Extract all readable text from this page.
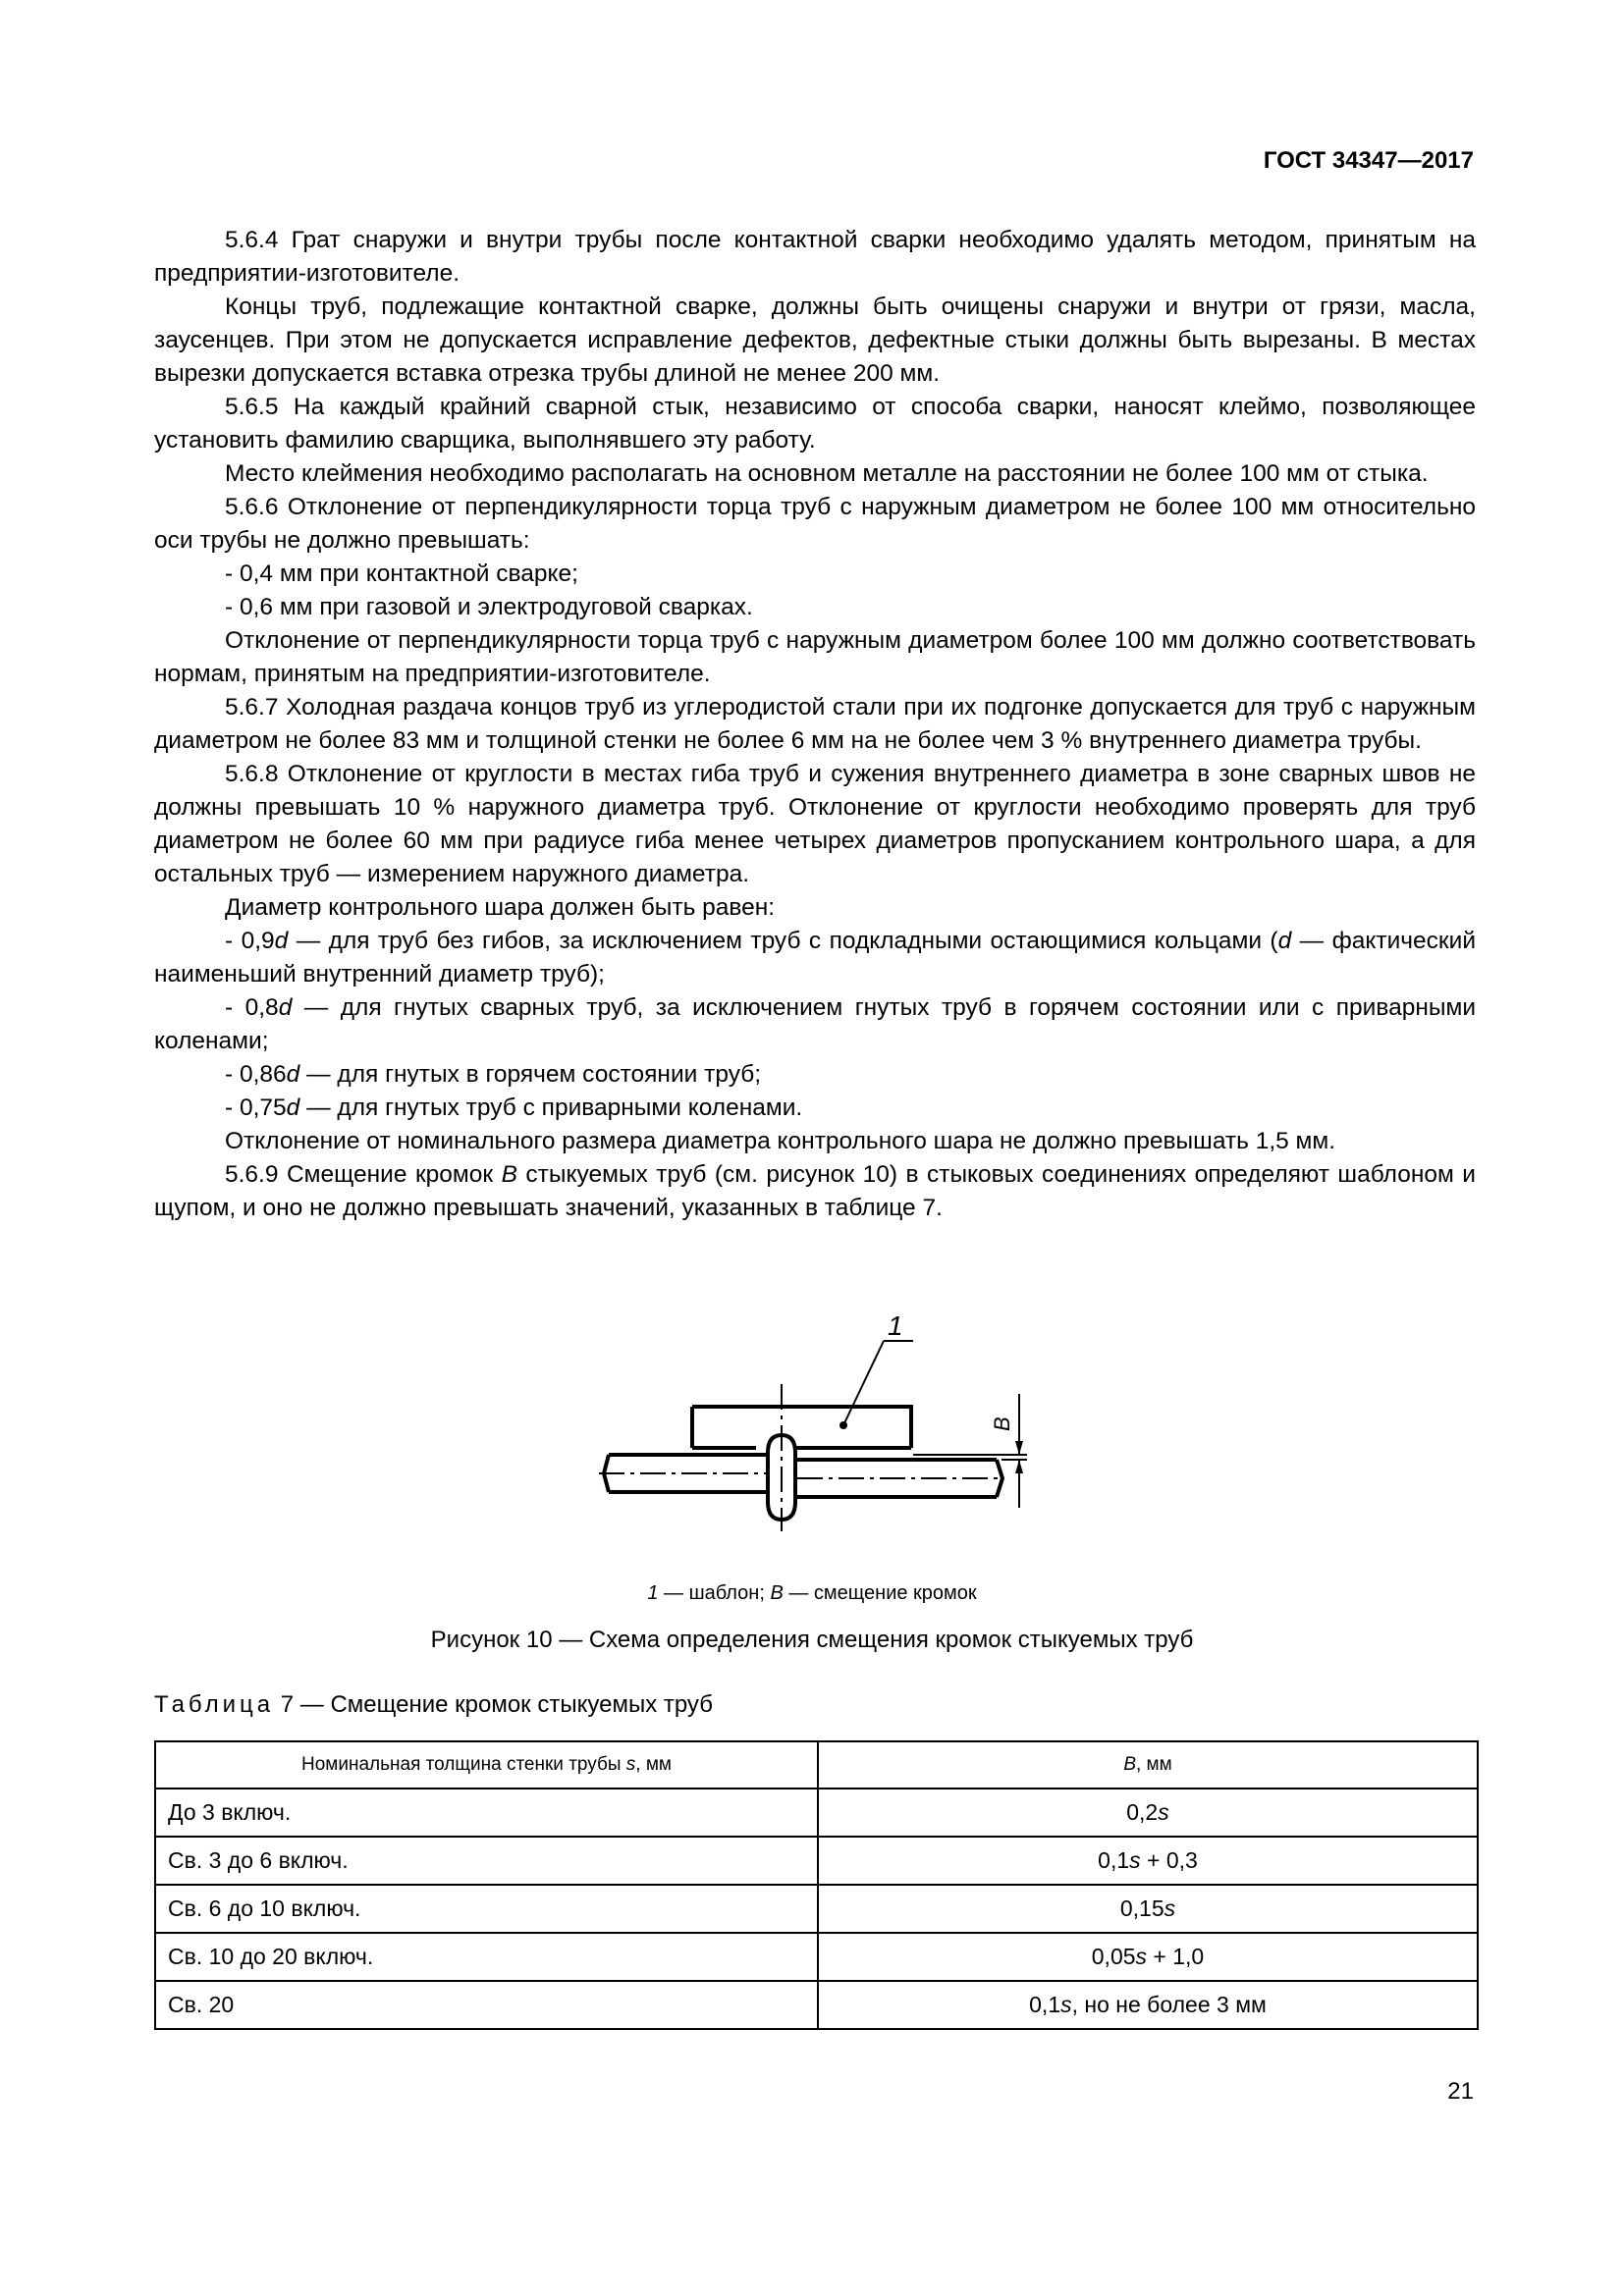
ГОСТ 34347—2017

5.6.4 Грат снаружи и внутри трубы после контактной сварки необходимо удалять методом, принятым на предприятии-изготовителе.

Концы труб, подлежащие контактной сварке, должны быть очищены снаружи и внутри от грязи, масла, заусенцев. При этом не допускается исправление дефектов, дефектные стыки должны быть вырезаны. В местах вырезки допускается вставка отрезка трубы длиной не менее 200 мм.

5.6.5 На каждый крайний сварной стык, независимо от способа сварки, наносят клеймо, позволяющее установить фамилию сварщика, выполнявшего эту работу.

Место клеймения необходимо располагать на основном металле на расстоянии не более 100 мм от стыка.

5.6.6 Отклонение от перпендикулярности торца труб с наружным диаметром не более 100 мм относительно оси трубы не должно превышать:

- 0,4 мм при контактной сварке;

- 0,6 мм при газовой и электродуговой сварках.

Отклонение от перпендикулярности торца труб с наружным диаметром более 100 мм должно соответствовать нормам, принятым на предприятии-изготовителе.

5.6.7 Холодная раздача концов труб из углеродистой стали при их подгонке допускается для труб с наружным диаметром не более 83 мм и толщиной стенки не более 6 мм на не более чем 3 % внутреннего диаметра трубы.

5.6.8 Отклонение от круглости в местах гиба труб и сужения внутреннего диаметра в зоне сварных швов не должны превышать 10 % наружного диаметра труб. Отклонение от круглости необходимо проверять для труб диаметром не более 60 мм при радиусе гиба менее четырех диаметров пропусканием контрольного шара, а для остальных труб — измерением наружного диаметра.

Диаметр контрольного шара должен быть равен:

- 0,9d — для труб без гибов, за исключением труб с подкладными остающимися кольцами (d — фактический наименьший внутренний диаметр труб);

- 0,8d — для гнутых сварных труб, за исключением гнутых труб в горячем состоянии или с приварными коленами;

- 0,86d — для гнутых в горячем состоянии труб;

- 0,75d — для гнутых труб с приварными коленами.

Отклонение от номинального размера диаметра контрольного шара не должно превышать 1,5 мм.

5.6.9 Смещение кромок В стыкуемых труб (см. рисунок 10) в стыковых соединениях определяют шаблоном и щупом, и оно не должно превышать значений, указанных в таблице 7.

1
В
1 — шаблон; В — смещение кромок
Рисунок 10 — Схема определения смещения кромок стыкуемых труб
Таблица 7 — Смещение кромок стыкуемых труб
Номинальная толщина стенки трубы s, мм	В, мм
До 3 включ.	0,2s
Св. 3 до 6 включ.	0,1s + 0,3
Св. 6 до 10 включ.	0,15s
Св. 10 до 20 включ.	0,05s + 1,0
Св. 20	0,1s, но не более 3 мм
21
